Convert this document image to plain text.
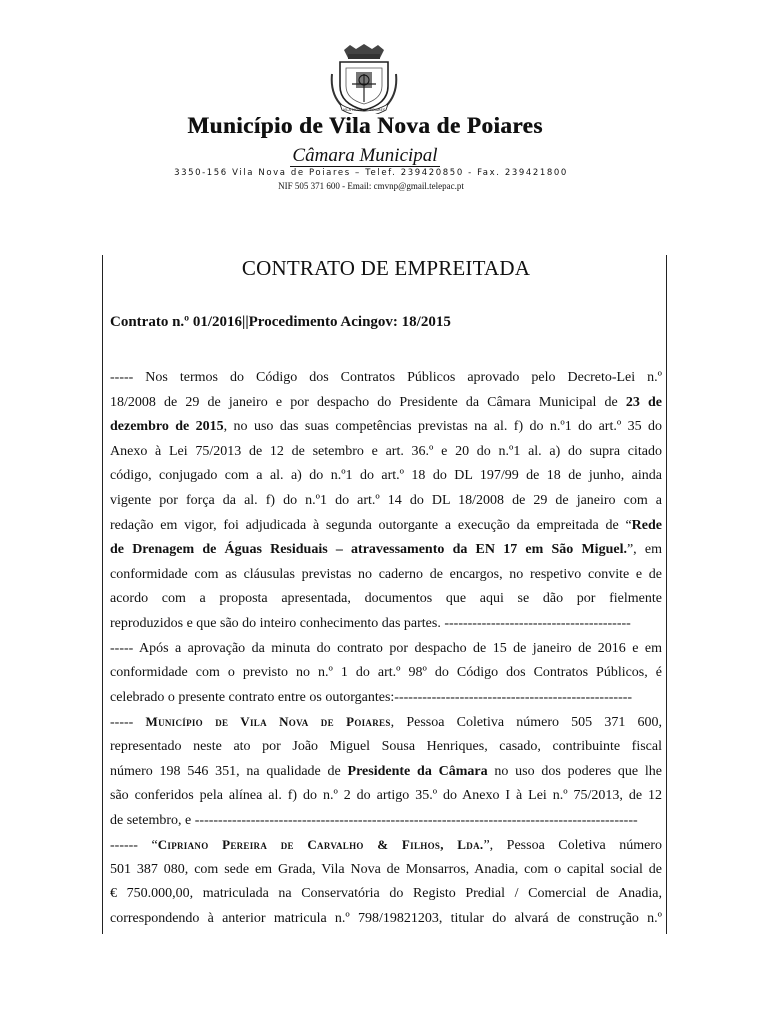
VILA NOVA DE POIARES
Município de Vila Nova de Poiares
Câmara Municipal
3350-156 Vila Nova de Poiares – Telef. 239420850 - Fax. 239421800
NIF 505 371 600 - Email: cmvnp@gmail.telepac.pt
CONTRATO DE EMPREITADA
Contrato n.º 01/2016||Procedimento Acingov: 18/2015
----- Nos termos do Código dos Contratos Públicos aprovado pelo Decreto-Lei n.º
18/2008 de 29 de janeiro e por despacho do Presidente da Câmara Municipal de 23 de
dezembro de 2015, no uso das suas competências previstas na al. f) do n.º1 do art.º 35 do
Anexo à Lei 75/2013 de 12 de setembro e art. 36.º e 20 do n.º1 al. a) do supra citado
código, conjugado com a al. a) do n.º1 do art.º 18 do DL 197/99 de 18 de junho, ainda
vigente por força da al. f) do n.º1 do art.º 14 do DL 18/2008 de 29 de janeiro com a
redação em vigor, foi adjudicada à segunda outorgante a execução da empreitada de “Rede
de Drenagem de Águas Residuais – atravessamento da EN 17 em São Miguel.”, em
conformidade com as cláusulas previstas no caderno de encargos, no respetivo convite e de
acordo com a proposta apresentada, documentos que aqui se dão por fielmente
reproduzidos e que são do inteiro conhecimento das partes. ----------------------------------------
----- Após a aprovação da minuta do contrato por despacho de 15 de janeiro de 2016 e em
conformidade com o previsto no n.º 1 do art.º 98º do Código dos Contratos Públicos, é
celebrado o presente contrato entre os outorgantes:---------------------------------------------------
----- Município de Vila Nova de Poiares, Pessoa Coletiva número 505 371 600,
representado neste ato por João Miguel Sousa Henriques, casado, contribuinte fiscal
número 198 546 351, na qualidade de Presidente da Câmara no uso dos poderes que lhe
são conferidos pela alínea al. f) do n.º 2 do artigo 35.º do Anexo I à Lei n.º 75/2013, de 12
de setembro, e -----------------------------------------------------------------------------------------------
------ “Cipriano Pereira de Carvalho & Filhos, Lda.”, Pessoa Coletiva número
501 387 080, com sede em Grada, Vila Nova de Monsarros, Anadia, com o capital social de
€ 750.000,00, matriculada na Conservatória do Registo Predial / Comercial de Anadia,
correspondendo à anterior matricula n.º 798/19821203, titular do alvará de construção n.º
